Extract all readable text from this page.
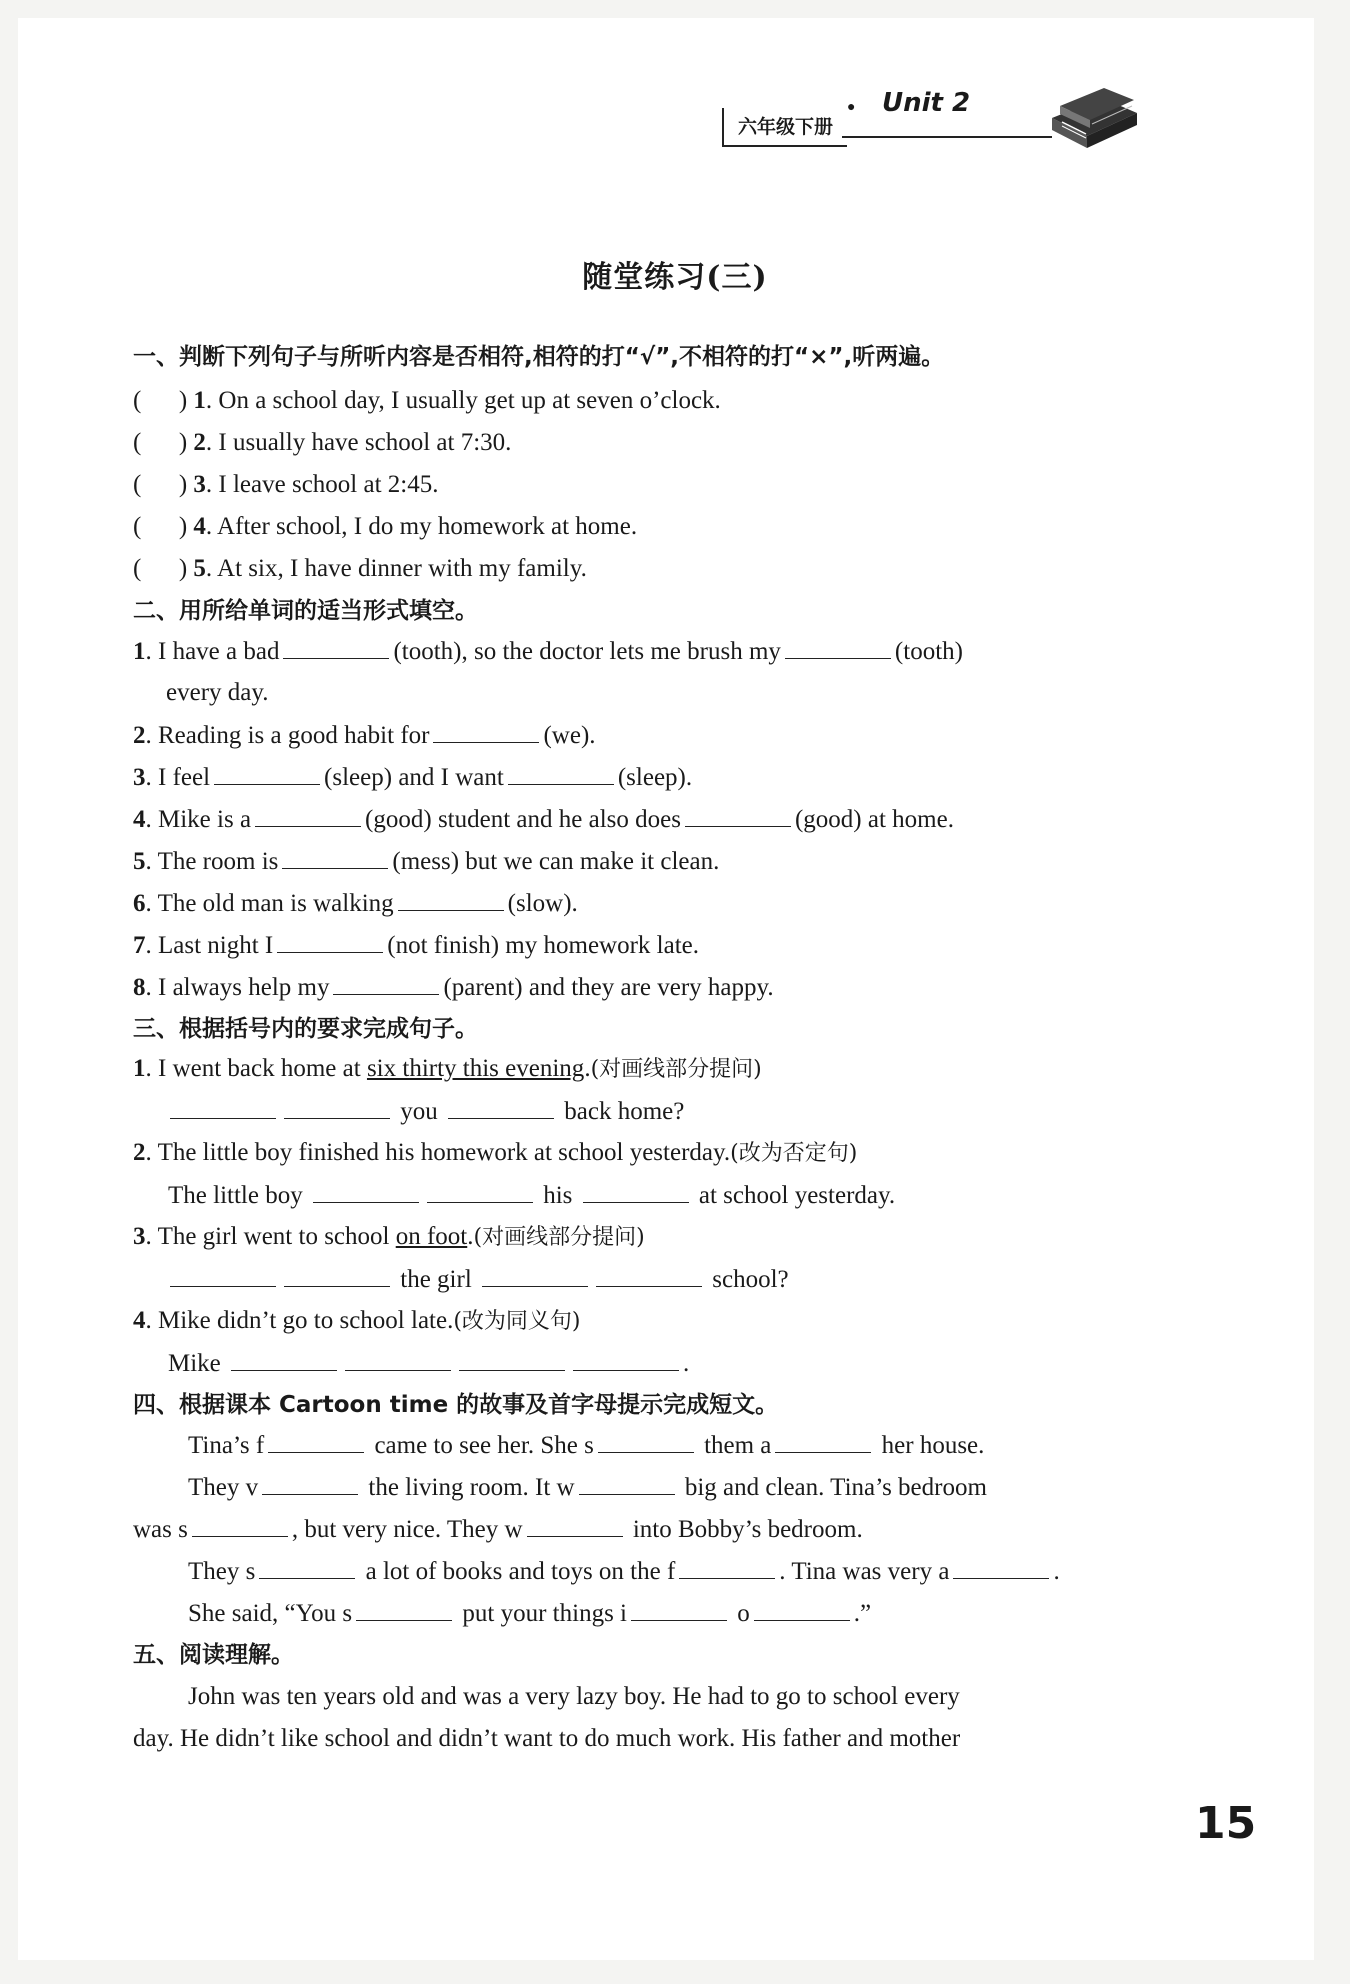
六年级下册
● Unit 2
随堂练习(三)
一、判断下列句子与所听内容是否相符,相符的打“√”,不相符的打“×”,听两遍。
(      ) 1. On a school day, I usually get up at seven o’clock.
(      ) 2. I usually have school at 7:30.
(      ) 3. I leave school at 2:45.
(      ) 4. After school, I do my homework at home.
(      ) 5. At six, I have dinner with my family.
二、用所给单词的适当形式填空。
1. I have a bad	(tooth), so the doctor lets me brush my	(tooth)
every day.
2. Reading is a good habit for	(we).
3. I feel	(sleep) and I want	(sleep).
4. Mike is a	(good) student and he also does	(good) at home.
5. The room is	(mess) but we can make it clean.
6. The old man is walking	(slow).
7. Last night I	(not finish) my homework late.
8. I always help my	(parent) and they are very happy.
三、根据括号内的要求完成句子。
1. I went back home at six thirty this evening.(对画线部分提问)
you	back home?
2. The little boy finished his homework at school yesterday.(改为否定句)
The little boy	his	at school yesterday.
3. The girl went to school on foot.(对画线部分提问)
the girl	school?
4. Mike didn’t go to school late.(改为同义句)
Mike	.
四、根据课本 Cartoon time 的故事及首字母提示完成短文。
Tina’s f	came to see her. She s	them a	her house.
They v	the living room. It w	big and clean. Tina’s bedroom
was s	, but very nice. They w	into Bobby’s bedroom.
They s	a lot of books and toys on the f	. Tina was very a	.
She said, “You s	put your things i	o	.”
五、阅读理解。
John was ten years old and was a very lazy boy. He had to go to school every
day. He didn’t like school and didn’t want to do much work. His father and mother
15
